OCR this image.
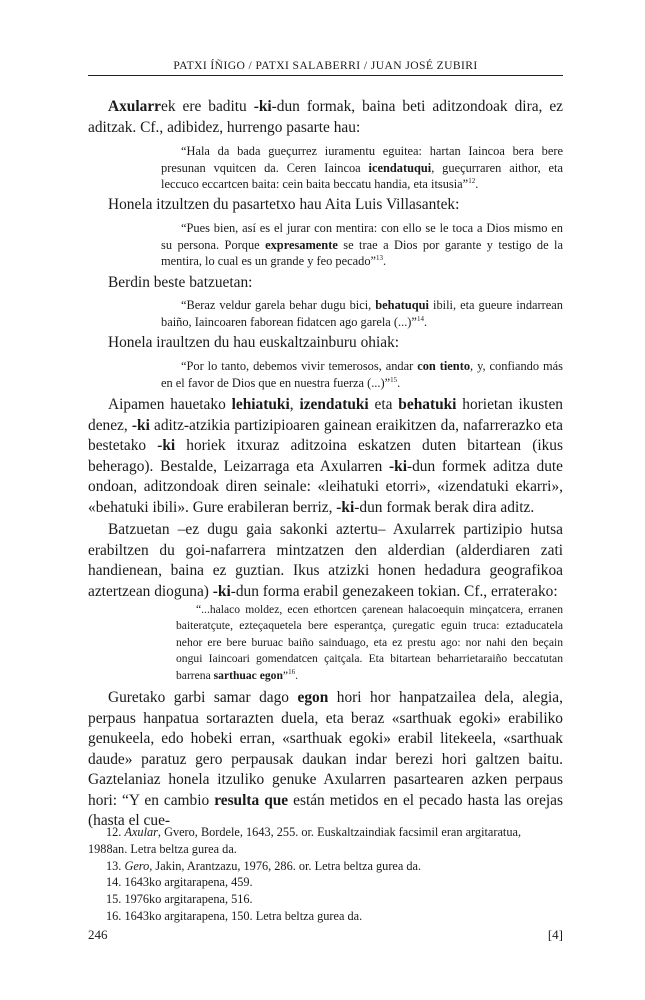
PATXI ÍÑIGO / PATXI SALABERRI / JUAN JOSÉ ZUBIRI

Axularrek ere baditu -ki-dun formak, baina beti aditzondoak dira, ez aditzak. Cf., adibidez, hurrengo pasarte hau:

“Hala da bada gueçurrez iuramentu eguitea: hartan Iaincoa bera bere presunan vquitcen da. Ceren Iaincoa icendatuqui, gueçurraren aithor, eta leccuco eccartcen baita: cein baita beccatu handia, eta itsusia”$^{12}$.

Honela itzultzen du pasartetxo hau Aita Luis Villasantek:

“Pues bien, así es el jurar con mentira: con ello se le toca a Dios mismo en su persona. Porque expresamente se trae a Dios por garante y testigo de la mentira, lo cual es un grande y feo pecado”$^{13}$.

Berdin beste batzuetan:

“Beraz veldur garela behar dugu bici, behatuqui ibili, eta gueure indarrean baiño, Iaincoaren faborean fidatcen ago garela (...)”$^{14}$.

Honela iraultzen du hau euskaltzainburu ohiak:

“Por lo tanto, debemos vivir temerosos, andar con tiento, y, confiando más en el favor de Dios que en nuestra fuerza (...)”$^{15}$.

Aipamen hauetako lehiatuki, izendatuki eta behatuki horietan ikusten denez, -ki aditz-atzikia partizipioaren gainean eraikitzen da, nafarrerazko eta bestetako -ki horiek itxuraz aditzoina eskatzen duten bitartean (ikus beherago). Bestalde, Leizarraga eta Axularren -ki-dun formek aditza dute ondoan, aditzondoak diren seinale: «leihatuki etorri», «izendatuki ekarri», «behatuki ibili». Gure erabileran berriz, -ki-dun formak berak dira aditz.

Batzuetan –ez dugu gaia sakonki aztertu– Axularrek partizipio hutsa erabiltzen du goi-nafarrera mintzatzen den alderdian (alderdiaren zati handienean, baina ez guztian. Ikus atzizki honen hedadura geografikoa aztertzean dioguna) -ki-dun forma erabil genezakeen tokian. Cf., erraterako:

“...halaco moldez, ecen ethortcen çarenean halacoequin minçatcera, erranen baiteratçute, ezteçaquetela bere esperantça, çuregatic eguin truca: eztaducatela nehor ere bere buruac baiño sainduago, eta ez prestu ago: nor nahi den beçain ongui Iaincoari gomendatcen çaitçala. Eta bitartean beharrietaraiño beccatutan barrena sarthuac egon”$^{16}$.

Guretako garbi samar dago egon hori hor hanpatzailea dela, alegia, perpaus hanpatua sortarazten duela, eta beraz «sarthuak egoki» erabiliko genukeela, edo hobeki erran, «sarthuak egoki» erabil litekeela, «sarthuak daude» paratuz gero perpausak daukan indar berezi hori galtzen baitu. Gaztelaniaz honela itzuliko genuke Axularren pasartearen azken perpaus hori: “Y en cambio resulta que están metidos en el pecado hasta las orejas (hasta el cue-

12. Axular, Gvero, Bordele, 1643, 255. or. Euskaltzaindiak facsimil eran argitaratua, 1988an. Letra beltza gurea da.

13. Gero, Jakin, Arantzazu, 1976, 286. or. Letra beltza gurea da.

14. 1643ko argitarapena, 459.

15. 1976ko argitarapena, 516.

16. 1643ko argitarapena, 150. Letra beltza gurea da.

246	[4]
